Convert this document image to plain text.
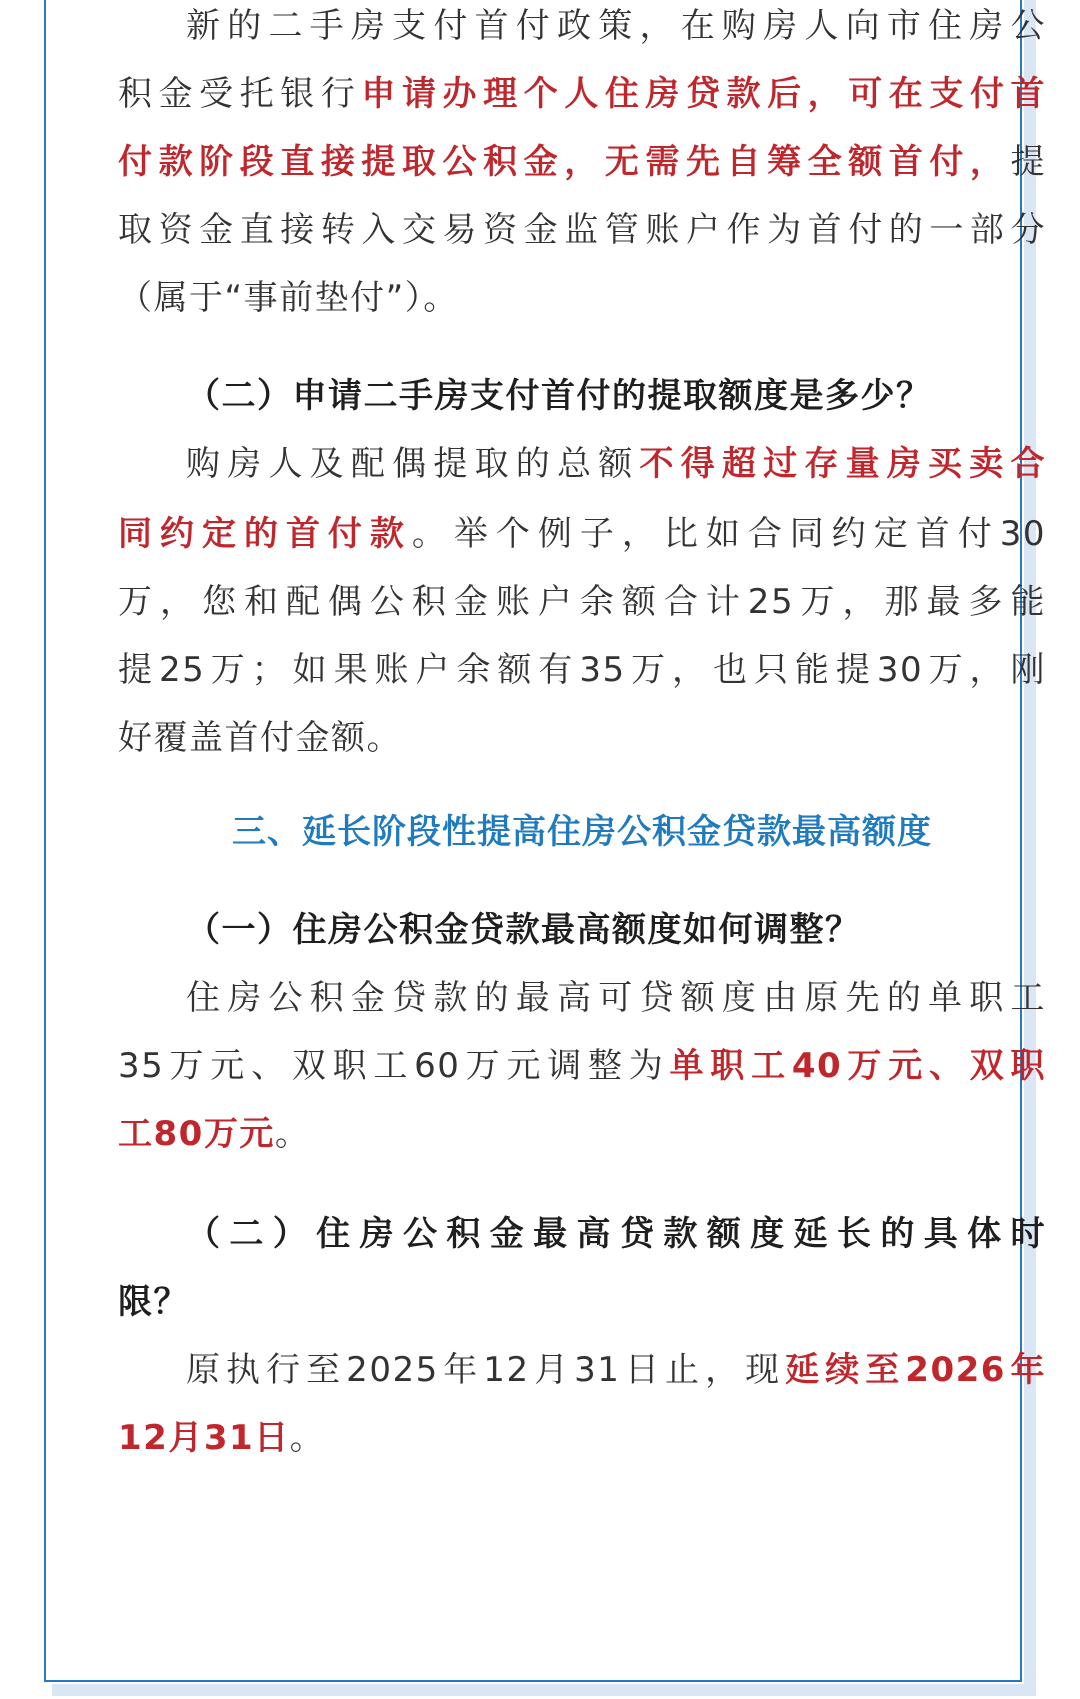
新的二手房支付首付政策，在购房人向市住房公
积金受托银行申请办理个人住房贷款后，可在支付首
付款阶段直接提取公积金，无需先自筹全额首付，提
取资金直接转入交易资金监管账户作为首付的一部分
（属于“事前垫付”）。
（二）申请二手房支付首付的提取额度是多少？
购房人及配偶提取的总额不得超过存量房买卖合
同约定的首付款。举个例子，比如合同约定首付30
万，您和配偶公积金账户余额合计25万，那最多能
提25万；如果账户余额有35万，也只能提30万，刚
好覆盖首付金额。
三、延长阶段性提高住房公积金贷款最高额度
（一）住房公积金贷款最高额度如何调整？
住房公积金贷款的最高可贷额度由原先的单职工
35万元、双职工60万元调整为单职工40万元、双职
工80万元。
（二）住房公积金最高贷款额度延长的具体时
限？
原执行至2025年12月31日止，现延续至2026年
12月31日。
